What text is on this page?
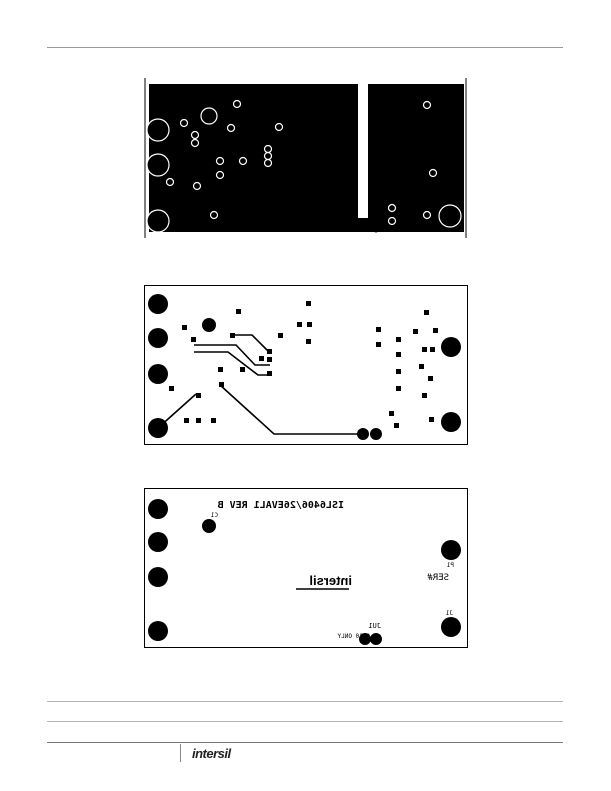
ISL6406/26EVAL1 REV B
SER#
JU1
6410 ONLY
C1
P1
J1
intersil
intersil
